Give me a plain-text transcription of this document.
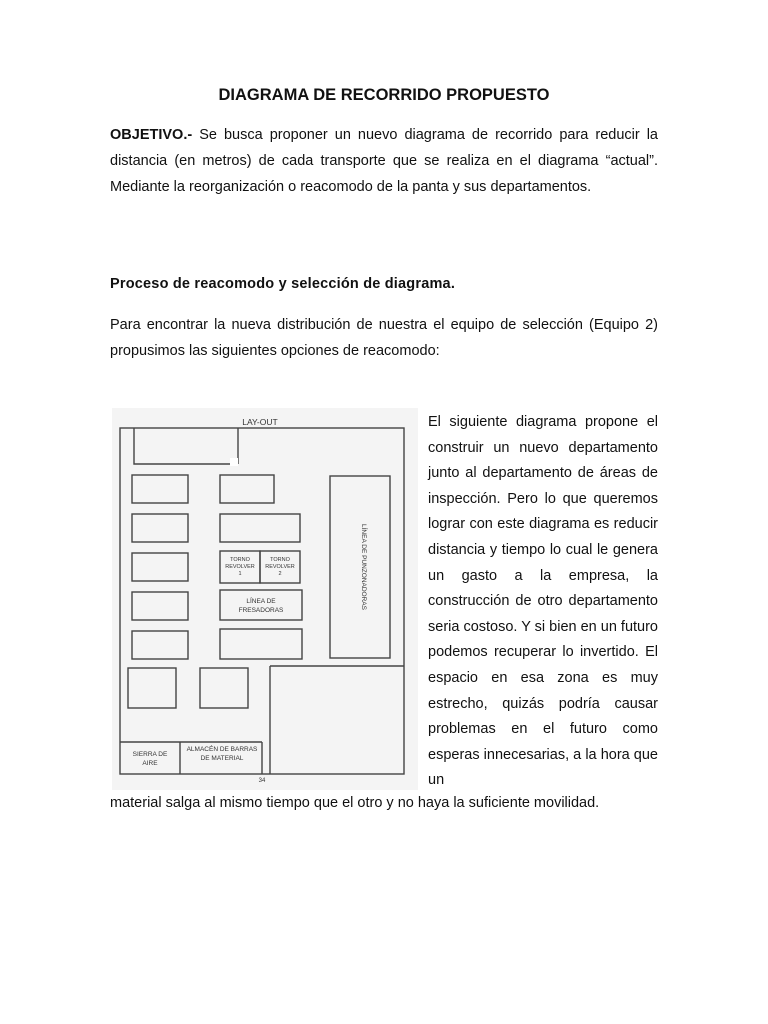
DIAGRAMA DE RECORRIDO PROPUESTO

OBJETIVO.- Se busca proponer un nuevo diagrama de recorrido para reducir la distancia (en metros) de cada transporte que se realiza en el diagrama “actual”. Mediante la reorganización o reacomodo de la panta y sus departamentos.

Proceso de reacomodo y selección de diagrama.

Para encontrar la nueva distribución de nuestra el equipo de selección (Equipo 2) propusimos las siguientes opciones de reacomodo:

LAY-OUT
TORNO
REVOLVER
1
TORNO
REVOLVER
2
LÍNEA DE
FRESADORAS
LÍNEA DE PUNZONADORAS
SIERRA DE
AIRE
ALMACÉN DE BARRAS
DE MATERIAL
34

El siguiente diagrama propone el construir un nuevo departamento junto al departamento de áreas de inspección. Pero lo que queremos lograr con este diagrama es reducir distancia y tiempo lo cual le genera un gasto a la empresa, la construcción de otro departamento seria costoso. Y si bien en un futuro podemos recuperar lo invertido. El espacio en esa zona es muy estrecho, quizás podría causar problemas en el futuro como esperas innecesarias, a la hora que un

material salga al mismo tiempo que el otro y no haya la suficiente movilidad.
